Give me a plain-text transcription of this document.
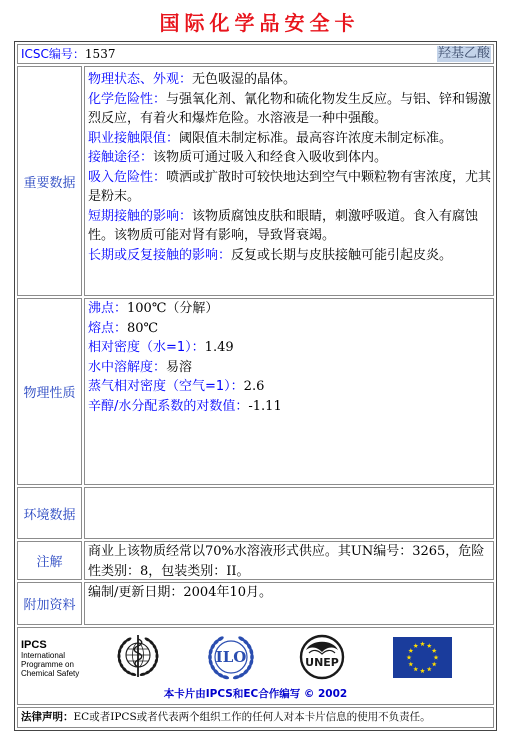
国际化学品安全卡
ICSC编号：1537	羟基乙酸
重要数据
物理状态、外观：无色吸湿的晶体。
化学危险性：与强氧化剂、氰化物和硫化物发生反应。与铝、锌和锡激烈反应，有着火和爆炸危险。水溶液是一种中强酸。
职业接触限值：阈限值未制定标准。最高容许浓度未制定标准。
接触途径：该物质可通过吸入和经食入吸收到体内。
吸入危险性：喷洒或扩散时可较快地达到空气中颗粒物有害浓度，尤其是粉末。
短期接触的影响：该物质腐蚀皮肤和眼睛，刺激呼吸道。食入有腐蚀性。该物质可能对肾有影响，导致肾衰竭。
长期或反复接触的影响：反复或长期与皮肤接触可能引起皮炎。
物理性质
沸点：100℃（分解）
熔点：80℃
相对密度（水=1）：1.49
水中溶解度：易溶
蒸气相对密度（空气=1）：2.6
辛醇/水分配系数的对数值：-1.11
环境数据
注解
商业上该物质经常以70%水溶液形式供应。其UN编号：3265，危险性类别：8，包装类别：II。
附加资料
编制/更新日期：2004年10月。
IPCS
International
Programme on
Chemical Safety
ILO	UNEP
本卡片由IPCS和EC合作编写 © 2002
法律声明：EC或者IPCS或者代表两个组织工作的任何人对本卡片信息的使用不负责任。
